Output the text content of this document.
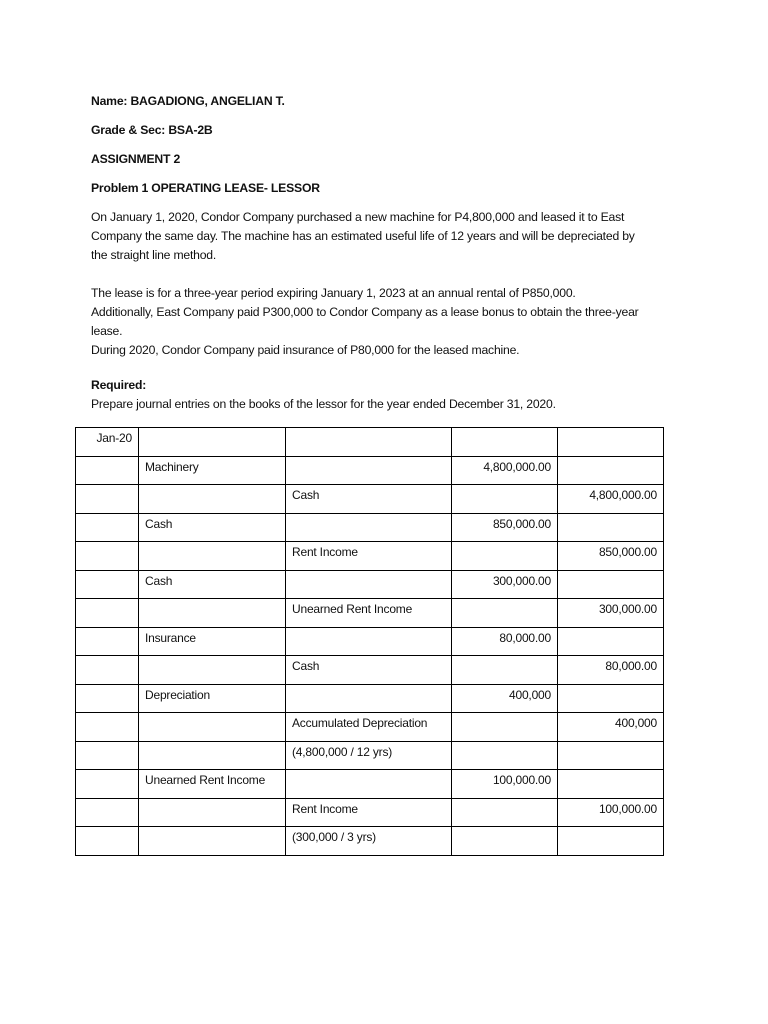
Name: BAGADIONG, ANGELIAN T.
Grade & Sec: BSA-2B
ASSIGNMENT 2
Problem 1 OPERATING LEASE- LESSOR
On January 1, 2020, Condor Company purchased a new machine for P4,800,000 and leased it to East
Company the same day. The machine has an estimated useful life of 12 years and will be depreciated by
the straight line method.
The lease is for a three-year period expiring January 1, 2023 at an annual rental of P850,000.
Additionally, East Company paid P300,000 to Condor Company as a lease bonus to obtain the three-year
lease.
During 2020, Condor Company paid insurance of P80,000 for the leased machine.
Required:
Prepare journal entries on the books of the lessor for the year ended December 31, 2020.
Jan-20				
	Machinery		4,800,000.00	
		Cash		4,800,000.00
	Cash		850,000.00	
		Rent Income		850,000.00
	Cash		300,000.00	
		Unearned Rent Income		300,000.00
	Insurance		80,000.00	
		Cash		80,000.00
	Depreciation		400,000	
		Accumulated Depreciation		400,000
		(4,800,000 / 12 yrs)		
	Unearned Rent Income		100,000.00	
		Rent Income		100,000.00
		(300,000 / 3 yrs)		
